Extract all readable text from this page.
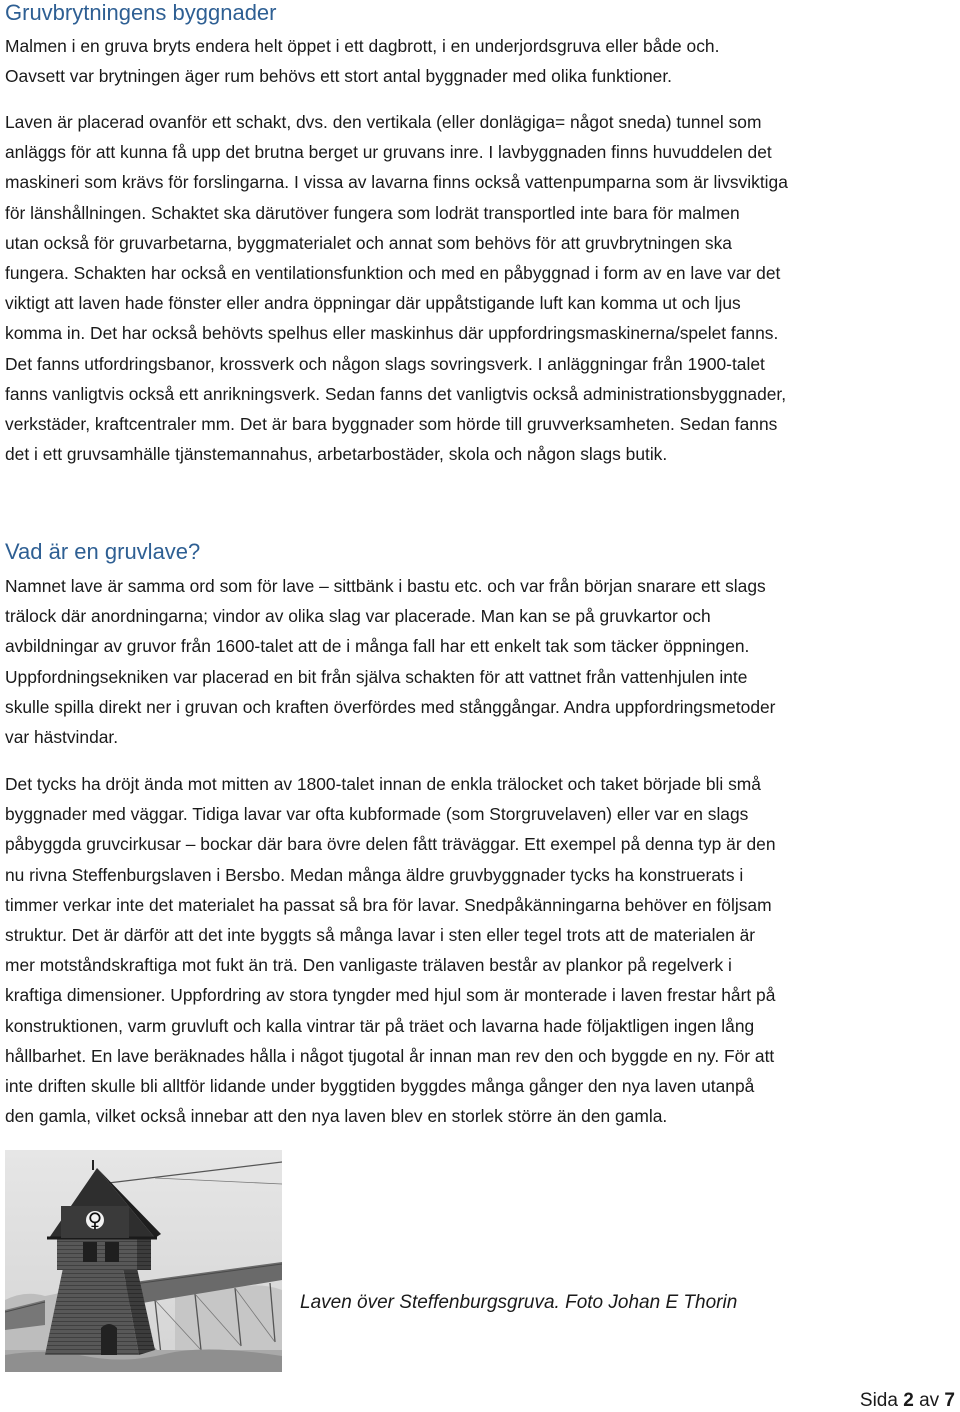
Gruvbrytningens byggnader

Malmen i en gruva bryts endera helt öppet i ett dagbrott, i en underjordsgruva eller både och.
Oavsett var brytningen äger rum behövs ett stort antal byggnader med olika funktioner.

Laven är placerad ovanför ett schakt, dvs. den vertikala (eller donlägiga= något sneda) tunnel som
anläggs för att kunna få upp det brutna berget ur gruvans inre. I lavbyggnaden finns huvuddelen det
maskineri som krävs för forslingarna. I vissa av lavarna finns också vattenpumparna som är livsviktiga
för länshållningen. Schaktet ska därutöver fungera som lodrät transportled inte bara för malmen
utan också för gruvarbetarna, byggmaterialet och annat som behövs för att gruvbrytningen ska
fungera. Schakten har också en ventilationsfunktion och med en påbyggnad i form av en lave var det
viktigt att laven hade fönster eller andra öppningar där uppåtstigande luft kan komma ut och ljus
komma in. Det har också behövts spelhus eller maskinhus där uppfordringsmaskinerna/spelet fanns.
Det fanns utfordringsbanor, krossverk och någon slags sovringsverk. I anläggningar från 1900-talet
fanns vanligtvis också ett anrikningsverk. Sedan fanns det vanligtvis också administrationsbyggnader,
verkstäder, kraftcentraler mm. Det är bara byggnader som hörde till gruvverksamheten. Sedan fanns
det i ett gruvsamhälle tjänstemannahus, arbetarbostäder, skola och någon slags butik.

Vad är en gruvlave?

Namnet lave är samma ord som för lave – sittbänk i bastu etc. och var från början snarare ett slags
trälock där anordningarna; vindor av olika slag var placerade. Man kan se på gruvkartor och
avbildningar av gruvor från 1600-talet att de i många fall har ett enkelt tak som täcker öppningen.
Uppfordningsekniken var placerad en bit från själva schakten för att vattnet från vattenhjulen inte
skulle spilla direkt ner i gruvan och kraften överfördes med stånggångar. Andra uppfordringsmetoder
var hästvindar.

Det tycks ha dröjt ända mot mitten av 1800-talet innan de enkla trälocket och taket började bli små
byggnader med väggar. Tidiga lavar var ofta kubformade (som Storgruvelaven) eller var en slags
påbyggda gruvcirkusar – bockar där bara övre delen fått träväggar. Ett exempel på denna typ är den
nu rivna Steffenburgslaven i Bersbo. Medan många äldre gruvbyggnader tycks ha konstruerats i
timmer verkar inte det materialet ha passat så bra för lavar. Snedpåkänningarna behöver en följsam
struktur. Det är därför att det inte byggts så många lavar i sten eller tegel trots att de materialen är
mer motståndskraftiga mot fukt än trä. Den vanligaste trälaven består av plankor på regelverk i
kraftiga dimensioner. Uppfordring av stora tyngder med hjul som är monterade i laven frestar hårt på
konstruktionen, varm gruvluft och kalla vintrar tär på träet och lavarna hade följaktligen ingen lång
hållbarhet. En lave beräknades hålla i något tjugotal år innan man rev den och byggde en ny. För att
inte driften skulle bli alltför lidande under byggtiden byggdes många gånger den nya laven utanpå
den gamla, vilket också innebar att den nya laven blev en storlek större än den gamla.

♀
Laven över Steffenburgsgruva. Foto Johan E Thorin
Sida 2 av 7
